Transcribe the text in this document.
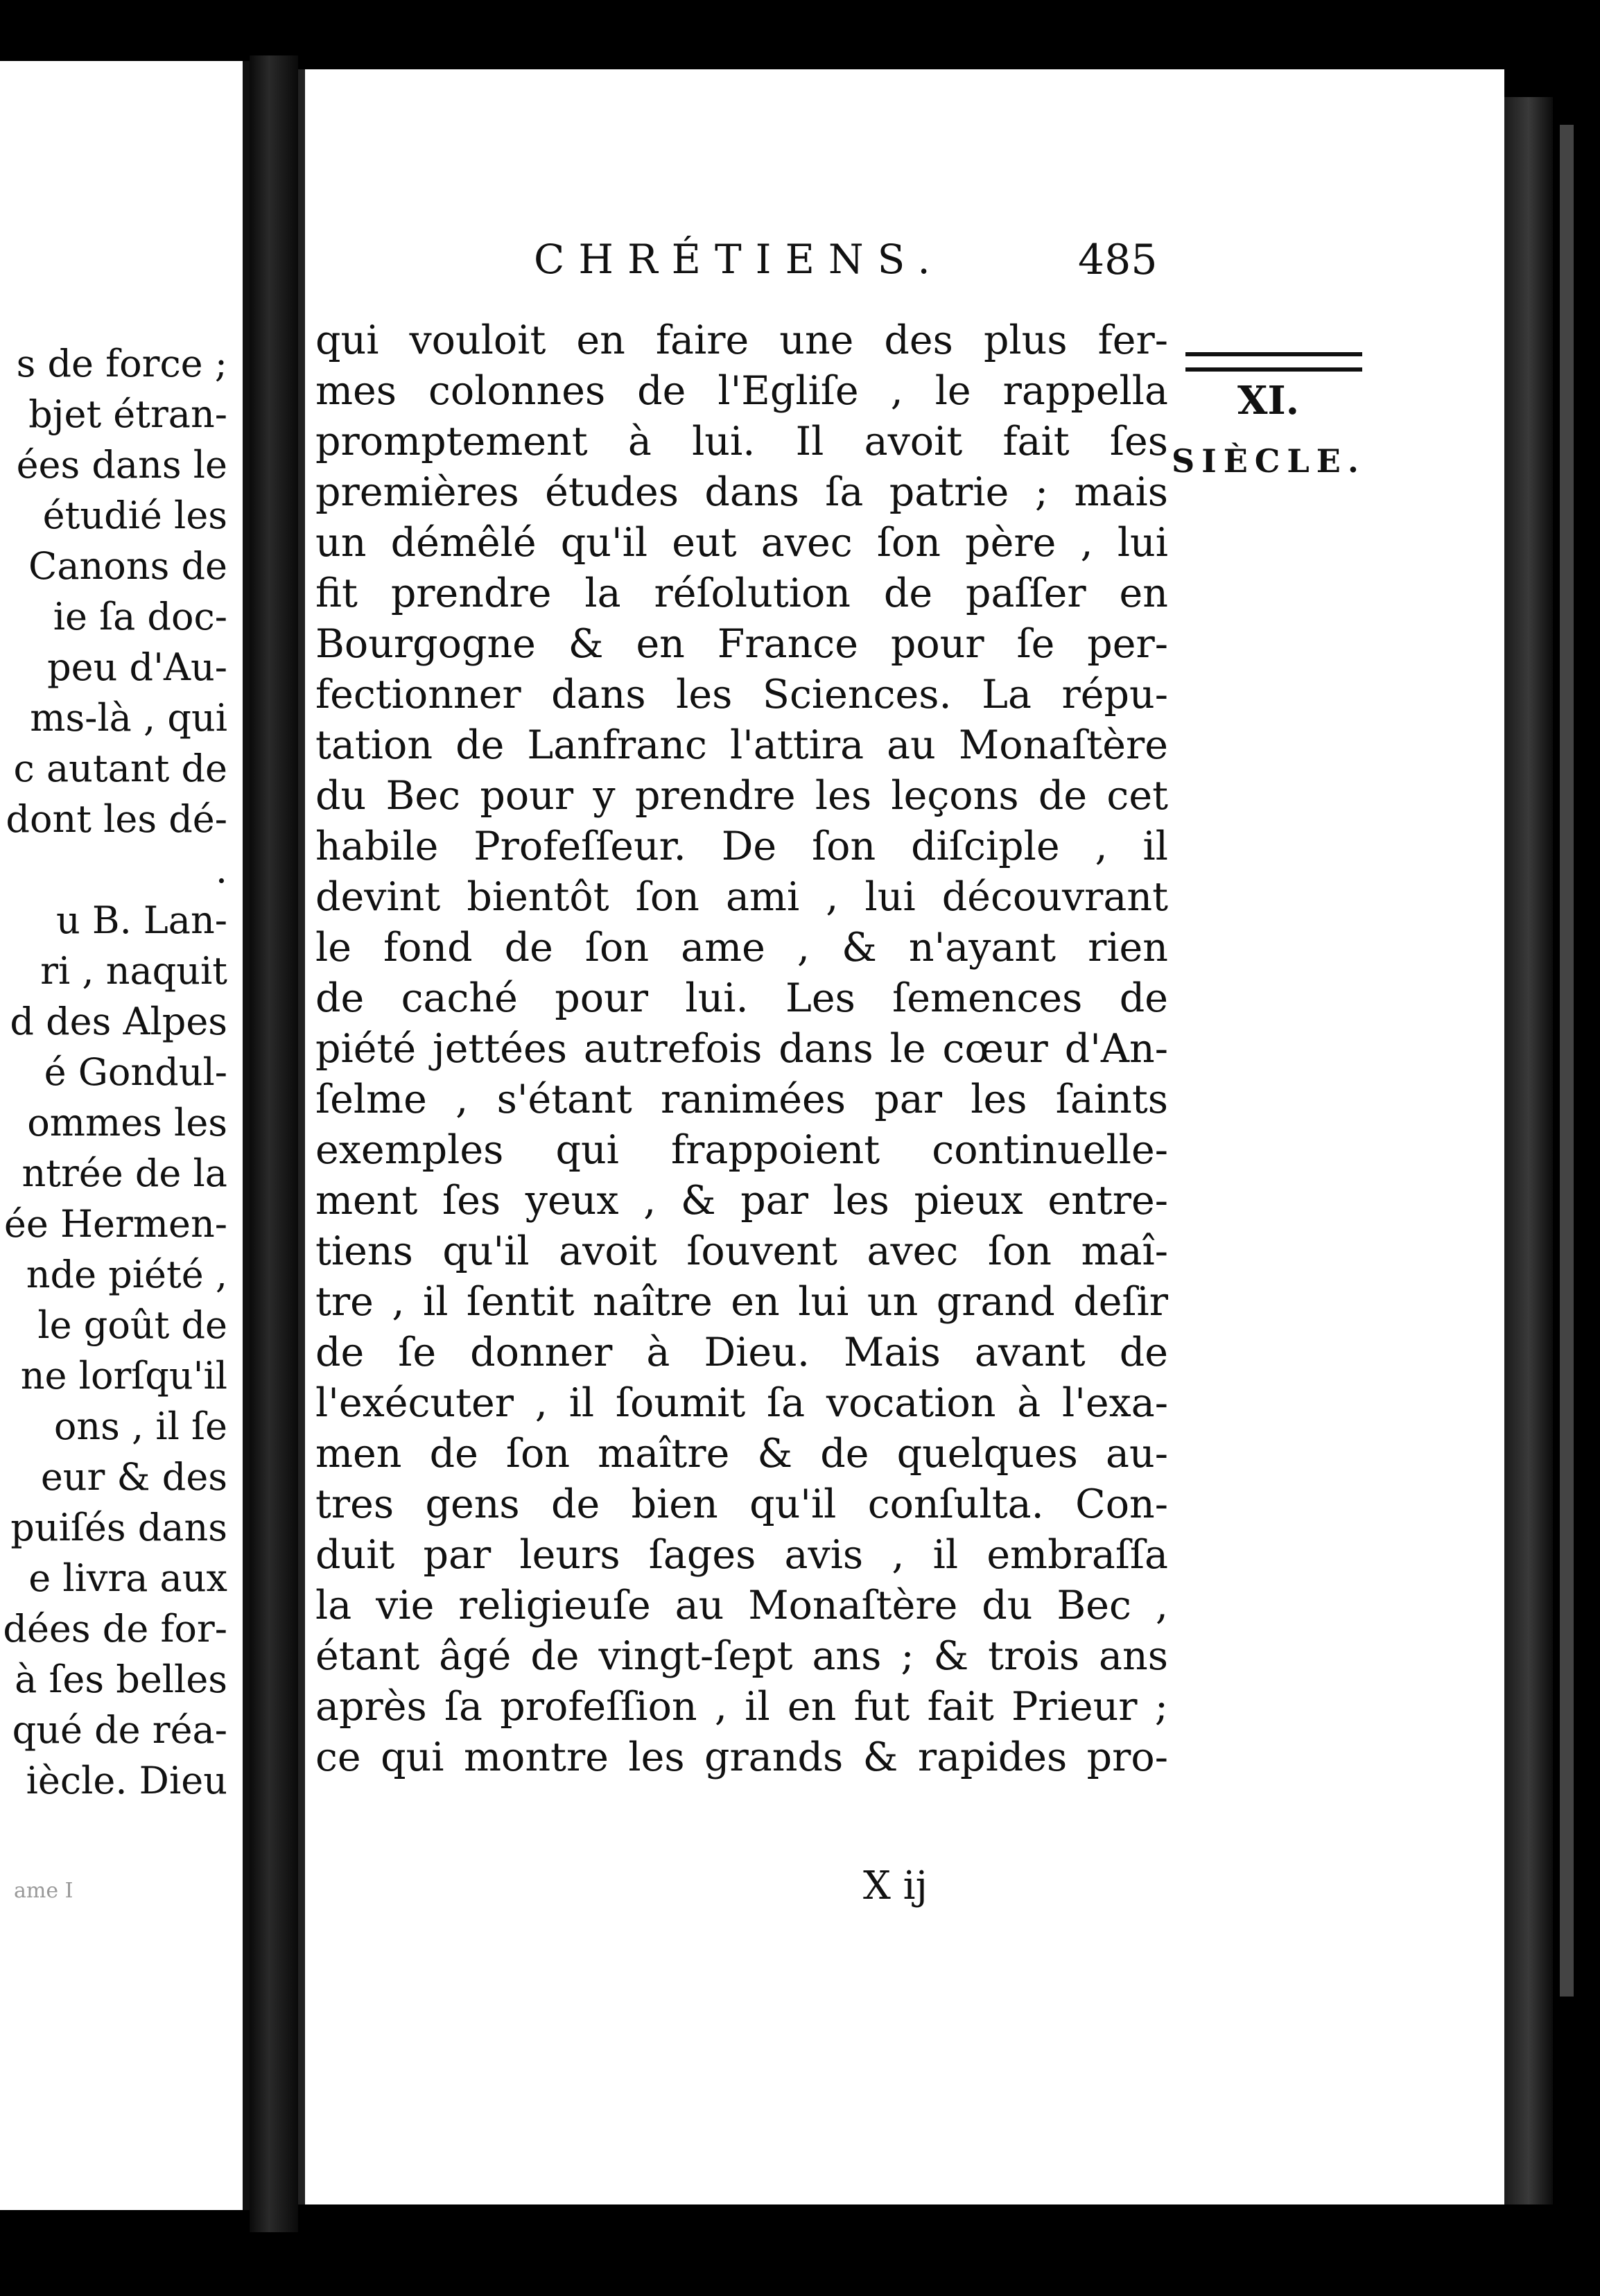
s de force ;
bjet étran-
ées dans le
étudié les
Canons de
ie ſa doc-
peu d'Au-
ms-là , qui
c autant de
dont les dé-
.
u B. Lan-
ri , naquit
d des Alpes
é Gondul-
ommes les
ntrée de la
ée Hermen-
nde piété ,
le goût de
ne lorſqu'il
ons , il ſe
eur & des
puiſés dans
e livra aux
dées de for-
à ſes belles
qué de réa-
iècle. Dieu
ame I
CHRÉTIENS.	485
XI.
SIÈCLE.
qui vouloit en faire une des plus fer-
mes colonnes de l'Egliſe , le rappella
promptement à lui. Il avoit fait ſes
premières études dans ſa patrie ; mais
un démêlé qu'il eut avec ſon père , lui
fit prendre la réſolution de paſſer en
Bourgogne & en France pour ſe per-
fectionner dans les Sciences. La répu-
tation de Lanfranc l'attira au Monaſtère
du Bec pour y prendre les leçons de cet
habile Profeſſeur. De ſon diſciple , il
devint bientôt ſon ami , lui découvrant
le fond de ſon ame , & n'ayant rien
de caché pour lui. Les ſemences de
piété jettées autrefois dans le cœur d'An-
ſelme , s'étant ranimées par les ſaints
exemples qui frappoient continuelle-
ment ſes yeux , & par les pieux entre-
tiens qu'il avoit ſouvent avec ſon maî-
tre , il ſentit naître en lui un grand deſir
de ſe donner à Dieu. Mais avant de
l'exécuter , il ſoumit ſa vocation à l'exa-
men de ſon maître & de quelques au-
tres gens de bien qu'il conſulta. Con-
duit par leurs ſages avis , il embraſſa
la vie religieuſe au Monaſtère du Bec ,
étant âgé de vingt-ſept ans ; & trois ans
après ſa profeſſion , il en fut fait Prieur ;
ce qui montre les grands & rapides pro-
X ij
